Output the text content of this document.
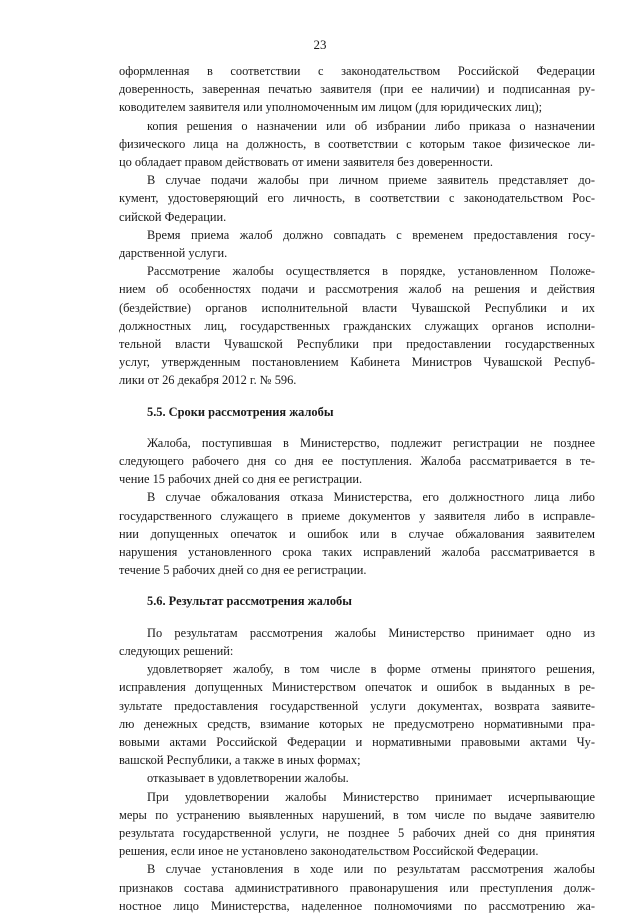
23

оформленная в соответствии с законодательством Российской Федерации
доверенность, заверенная печатью заявителя (при ее наличии) и подписанная ру-
ководителем заявителя или уполномоченным им лицом (для юридических лиц);

копия решения о назначении или об избрании либо приказа о назначении
физического лица на должность, в соответствии с которым такое физическое ли-
цо обладает правом действовать от имени заявителя без доверенности.

В случае подачи жалобы при личном приеме заявитель представляет до-
кумент, удостоверяющий его личность, в соответствии с законодательством Рос-
сийской Федерации.

Время приема жалоб должно совпадать с временем предоставления госу-
дарственной услуги.

Рассмотрение жалобы осуществляется в порядке, установленном Положе-
нием об особенностях подачи и рассмотрения жалоб на решения и действия
(бездействие) органов исполнительной власти Чувашской Республики и их
должностных лиц, государственных гражданских служащих органов исполни-
тельной власти Чувашской Республики при предоставлении государственных
услуг, утвержденным постановлением Кабинета Министров Чувашской Респуб-
лики от 26 декабря 2012 г. № 596.

5.5. Сроки рассмотрения жалобы

Жалоба, поступившая в Министерство, подлежит регистрации не позднее
следующего рабочего дня со дня ее поступления. Жалоба рассматривается в те-
чение 15 рабочих дней со дня ее регистрации.

В случае обжалования отказа Министерства, его должностного лица либо
государственного служащего в приеме документов у заявителя либо в исправле-
нии допущенных опечаток и ошибок или в случае обжалования заявителем
нарушения установленного срока таких исправлений жалоба рассматривается в
течение 5 рабочих дней со дня ее регистрации.

5.6. Результат рассмотрения жалобы

По результатам рассмотрения жалобы Министерство принимает одно из
следующих решений:

удовлетворяет жалобу, в том числе в форме отмены принятого решения,
исправления допущенных Министерством опечаток и ошибок в выданных в ре-
зультате предоставления государственной услуги документах, возврата заявите-
лю денежных средств, взимание которых не предусмотрено нормативными пра-
вовыми актами Российской Федерации и нормативными правовыми актами Чу-
вашской Республики, а также в иных формах;

отказывает в удовлетворении жалобы.

При удовлетворении жалобы Министерство принимает исчерпывающие
меры по устранению выявленных нарушений, в том числе по выдаче заявителю
результата государственной услуги, не позднее 5 рабочих дней со дня принятия
решения, если иное не установлено законодательством Российской Федерации.

В случае установления в ходе или по результатам рассмотрения жалобы
признаков состава административного правонарушения или преступления долж-
ностное лицо Министерства, наделенное полномочиями по рассмотрению жа-
